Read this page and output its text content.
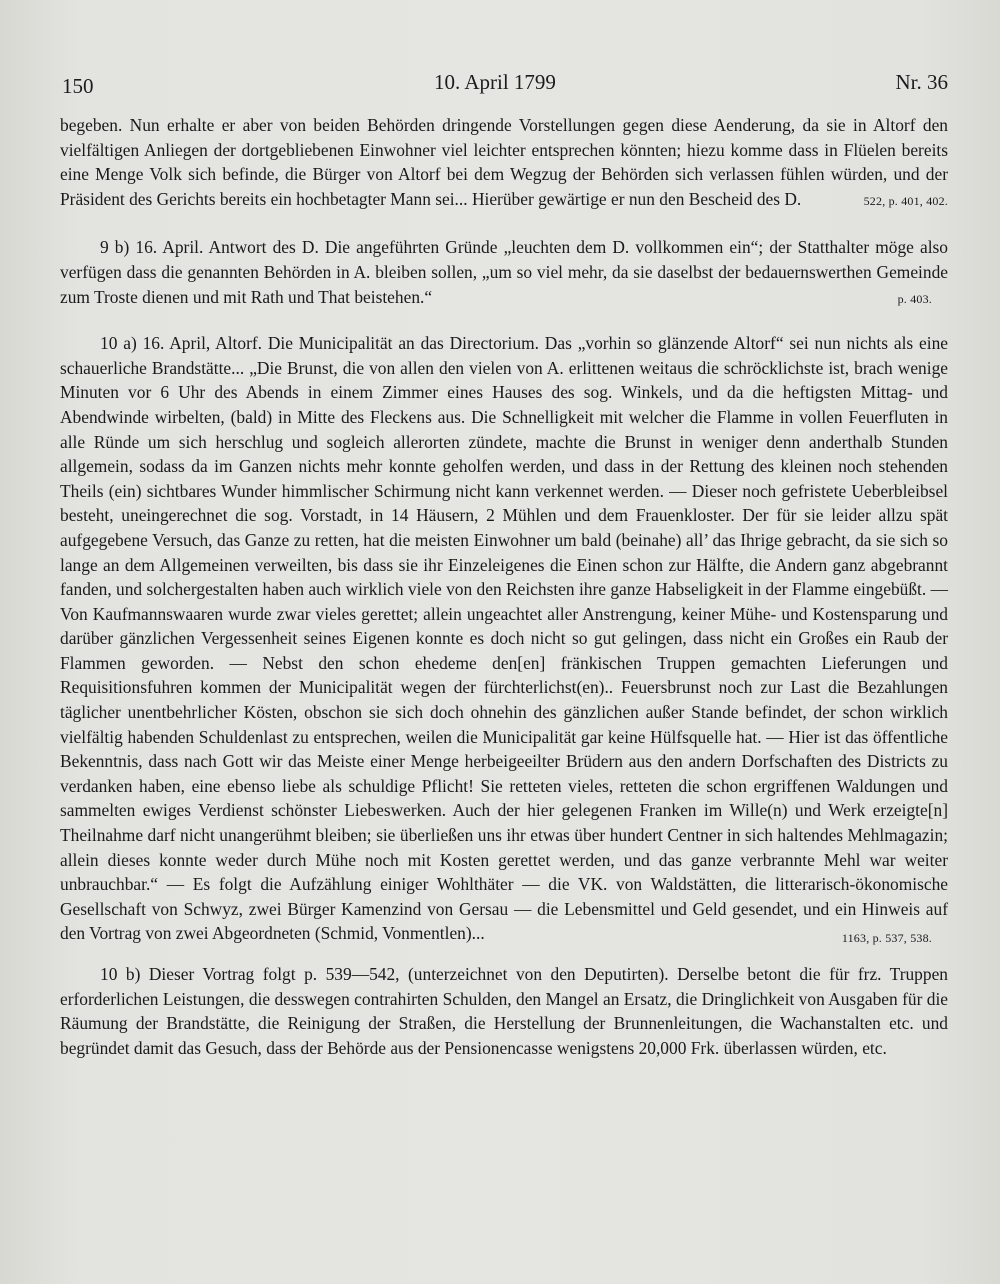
150	10. April 1799	Nr. 36

begeben. Nun erhalte er aber von beiden Behörden dringende Vorstellungen gegen diese Aenderung, da sie in Altorf den vielfältigen Anliegen der dortgebliebenen Einwohner viel leichter entsprechen könnten; hiezu komme dass in Flüelen bereits eine Menge Volk sich befinde, die Bürger von Altorf bei dem Wegzug der Behörden sich verlassen fühlen würden, und der Präsident des Gerichts bereits ein hochbetagter Mann sei... Hierüber gewärtige er nun den Bescheid des D.	522, p. 401, 402.

9 b) 16. April. Antwort des D. Die angeführten Gründe „leuchten dem D. vollkommen ein“; der Statthalter möge also verfügen dass die genannten Behörden in A. bleiben sollen, „um so viel mehr, da sie daselbst der bedauernswerthen Gemeinde zum Troste dienen und mit Rath und That beistehen.“	p. 403.

10 a) 16. April, Altorf. Die Municipalität an das Directorium. Das „vorhin so glänzende Altorf“ sei nun nichts als eine schauerliche Brandstätte... „Die Brunst, die von allen den vielen von A. erlittenen weitaus die schröcklichste ist, brach wenige Minuten vor 6 Uhr des Abends in einem Zimmer eines Hauses des sog. Winkels, und da die heftigsten Mittag- und Abendwinde wirbelten, (bald) in Mitte des Fleckens aus. Die Schnelligkeit mit welcher die Flamme in vollen Feuerfluten in alle Ründe um sich herschlug und sogleich allerorten zündete, machte die Brunst in weniger denn anderthalb Stunden allgemein, sodass da im Ganzen nichts mehr konnte geholfen werden, und dass in der Rettung des kleinen noch stehenden Theils (ein) sichtbares Wunder himmlischer Schirmung nicht kann verkennet werden. — Dieser noch gefristete Ueberbleibsel besteht, uneingerechnet die sog. Vorstadt, in 14 Häusern, 2 Mühlen und dem Frauenkloster. Der für sie leider allzu spät aufgegebene Versuch, das Ganze zu retten, hat die meisten Einwohner um bald (beinahe) all’ das Ihrige gebracht, da sie sich so lange an dem Allgemeinen verweilten, bis dass sie ihr Einzeleigenes die Einen schon zur Hälfte, die Andern ganz abgebrannt fanden, und solchergestalten haben auch wirklich viele von den Reichsten ihre ganze Habseligkeit in der Flamme eingebüßt. — Von Kaufmannswaaren wurde zwar vieles gerettet; allein ungeachtet aller Anstrengung, keiner Mühe- und Kostensparung und darüber gänzlichen Vergessenheit seines Eigenen konnte es doch nicht so gut gelingen, dass nicht ein Großes ein Raub der Flammen geworden. — Nebst den schon ehedeme den[en] fränkischen Truppen gemachten Lieferungen und Requisitionsfuhren kommen der Municipalität wegen der fürchterlichst(en).. Feuersbrunst noch zur Last die Bezahlungen täglicher unentbehrlicher Kösten, obschon sie sich doch ohnehin des gänzlichen außer Stande befindet, der schon wirklich vielfältig habenden Schuldenlast zu entsprechen, weilen die Municipalität gar keine Hülfsquelle hat. — Hier ist das öffentliche Bekenntnis, dass nach Gott wir das Meiste einer Menge herbeigeeilter Brüdern aus den andern Dorfschaften des Districts zu verdanken haben, eine ebenso liebe als schuldige Pflicht! Sie retteten vieles, retteten die schon ergriffenen Waldungen und sammelten ewiges Verdienst schönster Liebeswerken. Auch der hier gelegenen Franken im Wille(n) und Werk erzeigte[n] Theilnahme darf nicht unangerühmt bleiben; sie überließen uns ihr etwas über hundert Centner in sich haltendes Mehlmagazin; allein dieses konnte weder durch Mühe noch mit Kosten gerettet werden, und das ganze verbrannte Mehl war weiter unbrauchbar.“ — Es folgt die Aufzählung einiger Wohlthäter — die VK. von Waldstätten, die litterarisch-ökonomische Gesellschaft von Schwyz, zwei Bürger Kamenzind von Gersau — die Lebensmittel und Geld gesendet, und ein Hinweis auf den Vortrag von zwei Abgeordneten (Schmid, Vonmentlen)...	1163, p. 537, 538.

10 b) Dieser Vortrag folgt p. 539—542, (unterzeichnet von den Deputirten). Derselbe betont die für frz. Truppen erforderlichen Leistungen, die desswegen contrahirten Schulden, den Mangel an Ersatz, die Dringlichkeit von Ausgaben für die Räumung der Brandstätte, die Reinigung der Straßen, die Herstellung der Brunnenleitungen, die Wachanstalten etc. und begründet damit das Gesuch, dass der Behörde aus der Pensionencasse wenigstens 20,000 Frk. überlassen würden, etc.
